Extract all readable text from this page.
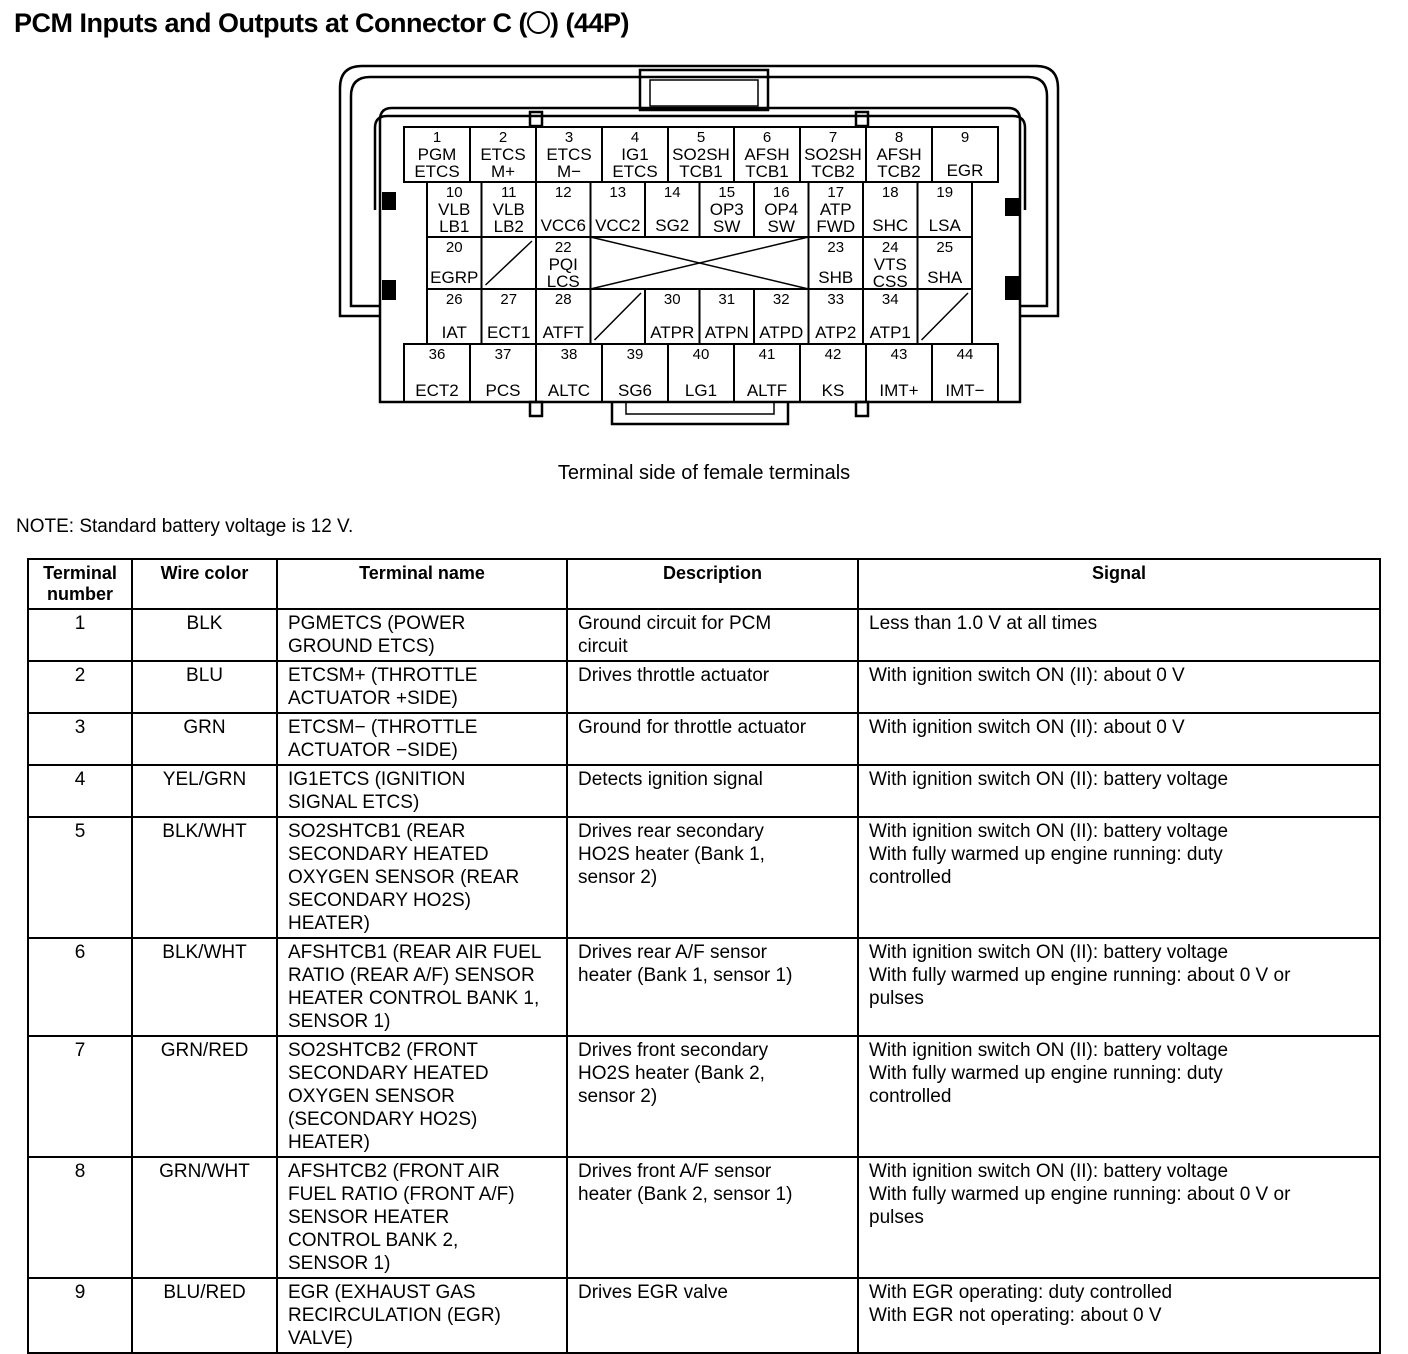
PCM Inputs and Outputs at Connector C ( ) (44P)
1
PGM
ETCS
2
ETCS
M+
3
ETCS
M−
4
IG1
ETCS
5
SO2SH
TCB1
6
AFSH
TCB1
7
SO2SH
TCB2
8
AFSH
TCB2
9
EGR
10
VLB
LB1
11
VLB
LB2
12
VCC6
13
VCC2
14
SG2
15
OP3
SW
16
OP4
SW
17
ATP
FWD
18
SHC
19
LSA
20
EGRP
22
PQI
LCS
23
SHB
24
VTS
CSS
25
SHA
26
IAT
27
ECT1
28
ATFT
30
ATPR
31
ATPN
32
ATPD
33
ATP2
34
ATP1
36
ECT2
37
PCS
38
ALTC
39
SG6
40
LG1
41
ALTF
42
KS
43
IMT+
44
IMT−
Terminal side of female terminals
NOTE: Standard battery voltage is 12 V.
Terminal
number	Wire color	Terminal name	Description	Signal
1	BLK	PGMETCS (POWER
GROUND ETCS)	Ground circuit for PCM
circuit	Less than 1.0 V at all times
2	BLU	ETCSM+ (THROTTLE
ACTUATOR +SIDE)	Drives throttle actuator	With ignition switch ON (II): about 0 V
3	GRN	ETCSM− (THROTTLE
ACTUATOR −SIDE)	Ground for throttle actuator	With ignition switch ON (II): about 0 V
4	YEL/GRN	IG1ETCS (IGNITION
SIGNAL ETCS)	Detects ignition signal	With ignition switch ON (II): battery voltage
5	BLK/WHT	SO2SHTCB1 (REAR
SECONDARY HEATED
OXYGEN SENSOR (REAR
SECONDARY HO2S)
HEATER)	Drives rear secondary
HO2S heater (Bank 1,
sensor 2)	With ignition switch ON (II): battery voltage
With fully warmed up engine running: duty
controlled
6	BLK/WHT	AFSHTCB1 (REAR AIR FUEL
RATIO (REAR A/F) SENSOR
HEATER CONTROL BANK 1,
SENSOR 1)	Drives rear A/F sensor
heater (Bank 1, sensor 1)	With ignition switch ON (II): battery voltage
With fully warmed up engine running: about 0 V or
pulses
7	GRN/RED	SO2SHTCB2 (FRONT
SECONDARY HEATED
OXYGEN SENSOR
(SECONDARY HO2S)
HEATER)	Drives front secondary
HO2S heater (Bank 2,
sensor 2)	With ignition switch ON (II): battery voltage
With fully warmed up engine running: duty
controlled
8	GRN/WHT	AFSHTCB2 (FRONT AIR
FUEL RATIO (FRONT A/F)
SENSOR HEATER
CONTROL BANK 2,
SENSOR 1)	Drives front A/F sensor
heater (Bank 2, sensor 1)	With ignition switch ON (II): battery voltage
With fully warmed up engine running: about 0 V or
pulses
9	BLU/RED	EGR (EXHAUST GAS
RECIRCULATION (EGR)
VALVE)	Drives EGR valve	With EGR operating: duty controlled
With EGR not operating: about 0 V
